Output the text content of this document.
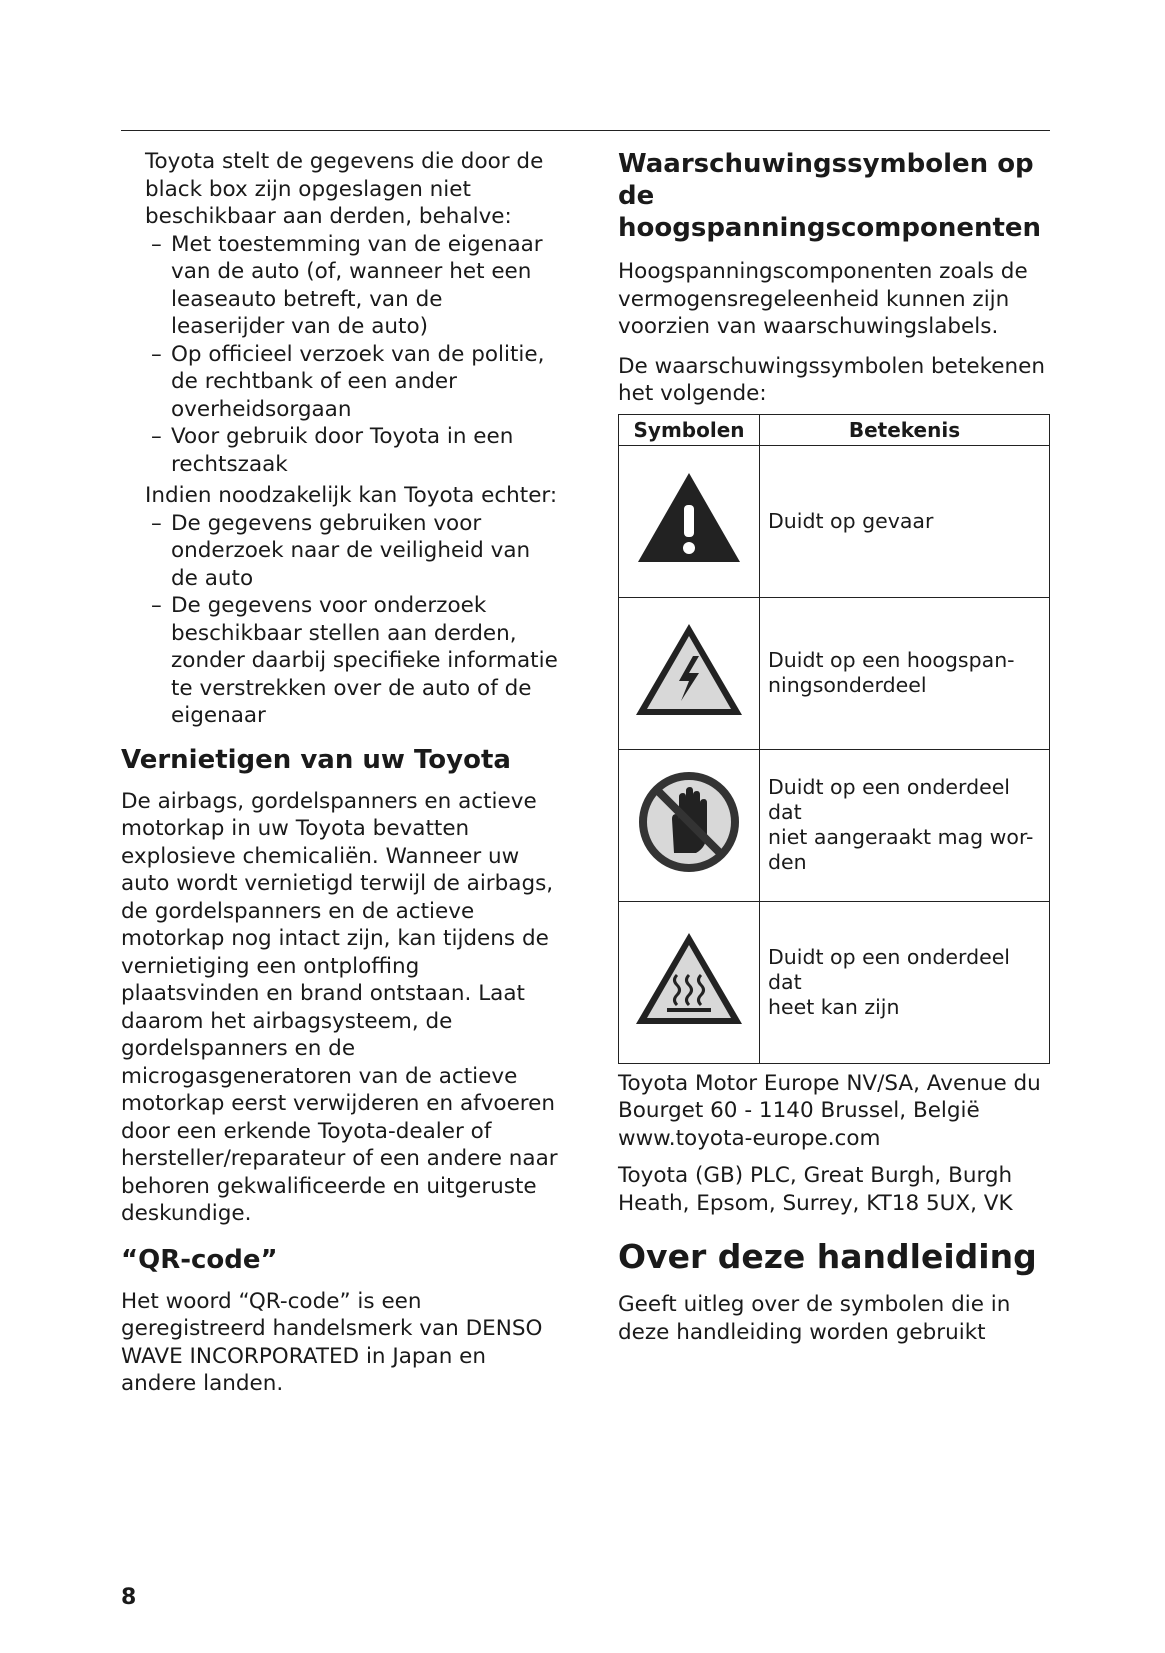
Toyota stelt de gegevens die door de black box zijn opgeslagen niet beschikbaar aan derden, behalve:

– Met toestemming van de eigenaar van de auto (of, wanneer het een leaseauto betreft, van de leaserijder van de auto)
– Op officieel verzoek van de politie, de rechtbank of een ander overheidsorgaan
– Voor gebruik door Toyota in een rechtszaak

Indien noodzakelijk kan Toyota echter:

– De gegevens gebruiken voor onderzoek naar de veiligheid van de auto
– De gegevens voor onderzoek beschikbaar stellen aan derden, zonder daarbij specifieke informatie te verstrekken over de auto of de eigenaar
Vernietigen van uw Toyota

De airbags, gordelspanners en actieve motorkap in uw Toyota bevatten explosieve chemicaliën. Wanneer uw auto wordt vernietigd terwijl de airbags, de gordelspanners en de actieve motorkap nog intact zijn, kan tijdens de vernietiging een ontploffing plaatsvinden en brand ontstaan. Laat daarom het airbagsysteem, de gordelspanners en de microgasgeneratoren van de actieve motorkap eerst verwijderen en afvoeren door een erkende Toyota-dealer of hersteller/reparateur of een andere naar behoren gekwalificeerde en uitgeruste deskundige.

“QR-code”

Het woord “QR-code” is een geregistreerd handelsmerk van DENSO WAVE INCORPORATED in Japan en andere landen.

Waarschuwingssymbolen op de hoogspanningscomponenten

Hoogspanningscomponenten zoals de vermogensregeleenheid kunnen zijn voorzien van waarschuwingslabels.

De waarschuwingssymbolen betekenen het volgende:

Symbolen	Betekenis
	Duidt op gevaar
	Duidt op een hoogspan-
ningsonderdeel
	Duidt op een onderdeel dat
niet aangeraakt mag wor-
den
	Duidt op een onderdeel dat
heet kan zijn

Toyota Motor Europe NV/SA, Avenue du Bourget 60 - 1140 Brussel, België www.toyota-europe.com

Toyota (GB) PLC, Great Burgh, Burgh Heath, Epsom, Surrey, KT18 5UX, VK

Over deze handleiding

Geeft uitleg over de symbolen die in deze handleiding worden gebruikt

8
